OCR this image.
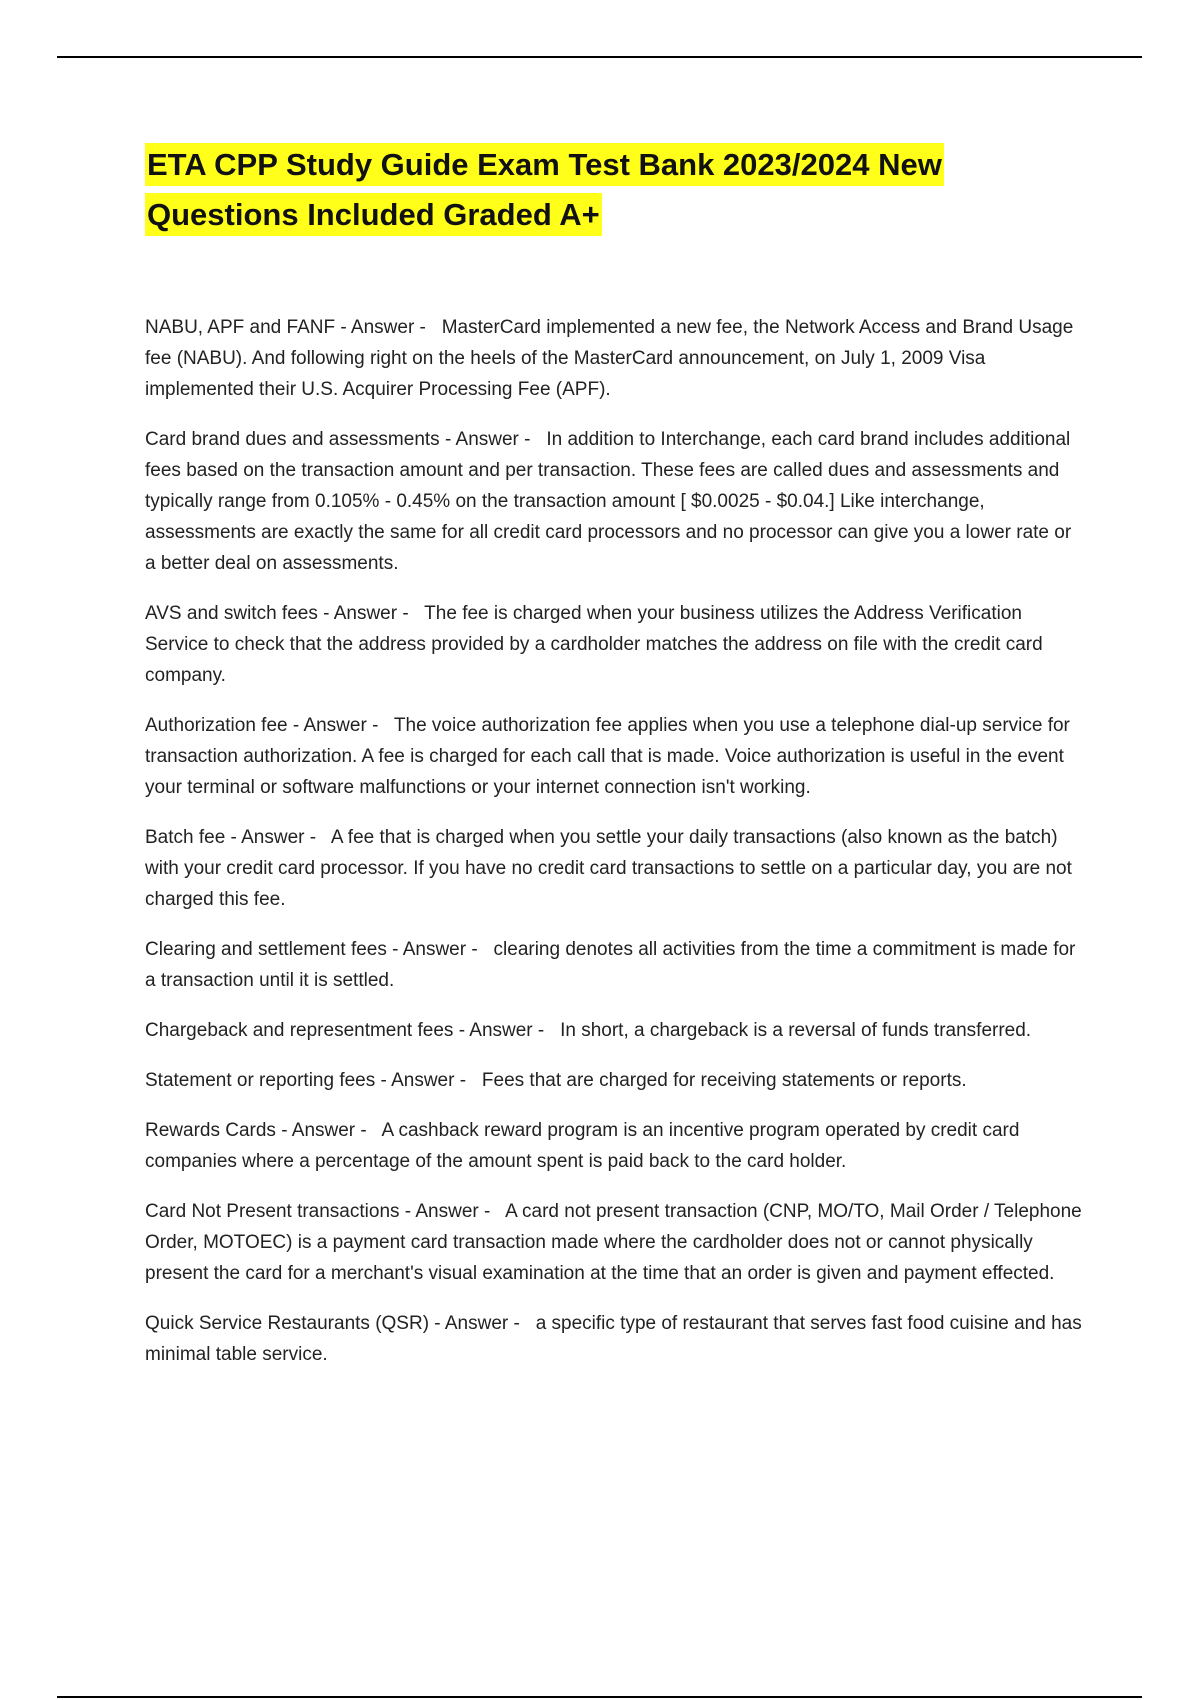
ETA CPP Study Guide Exam Test Bank 2023/2024 New Questions Included Graded A+

NABU, APF and FANF - Answer -   MasterCard implemented a new fee, the Network Access and Brand Usage fee (NABU). And following right on the heels of the MasterCard announcement, on July 1, 2009 Visa implemented their U.S. Acquirer Processing Fee (APF).

Card brand dues and assessments - Answer -   In addition to Interchange, each card brand includes additional fees based on the transaction amount and per transaction. These fees are called dues and assessments and typically range from 0.105% - 0.45% on the transaction amount [ $0.0025 - $0.04.] Like interchange, assessments are exactly the same for all credit card processors and no processor can give you a lower rate or a better deal on assessments.

AVS and switch fees - Answer -   The fee is charged when your business utilizes the Address Verification Service to check that the address provided by a cardholder matches the address on file with the credit card company.

Authorization fee - Answer -   The voice authorization fee applies when you use a telephone dial-up service for transaction authorization. A fee is charged for each call that is made. Voice authorization is useful in the event your terminal or software malfunctions or your internet connection isn't working.

Batch fee - Answer -   A fee that is charged when you settle your daily transactions (also known as the batch) with your credit card processor. If you have no credit card transactions to settle on a particular day, you are not charged this fee.

Clearing and settlement fees - Answer -   clearing denotes all activities from the time a commitment is made for a transaction until it is settled.

Chargeback and representment fees - Answer -   In short, a chargeback is a reversal of funds transferred.

Statement or reporting fees - Answer -   Fees that are charged for receiving statements or reports.

Rewards Cards - Answer -   A cashback reward program is an incentive program operated by credit card companies where a percentage of the amount spent is paid back to the card holder.

Card Not Present transactions - Answer -   A card not present transaction (CNP, MO/TO, Mail Order / Telephone Order, MOTOEC) is a payment card transaction made where the cardholder does not or cannot physically present the card for a merchant's visual examination at the time that an order is given and payment effected.

Quick Service Restaurants (QSR) - Answer -   a specific type of restaurant that serves fast food cuisine and has minimal table service.
